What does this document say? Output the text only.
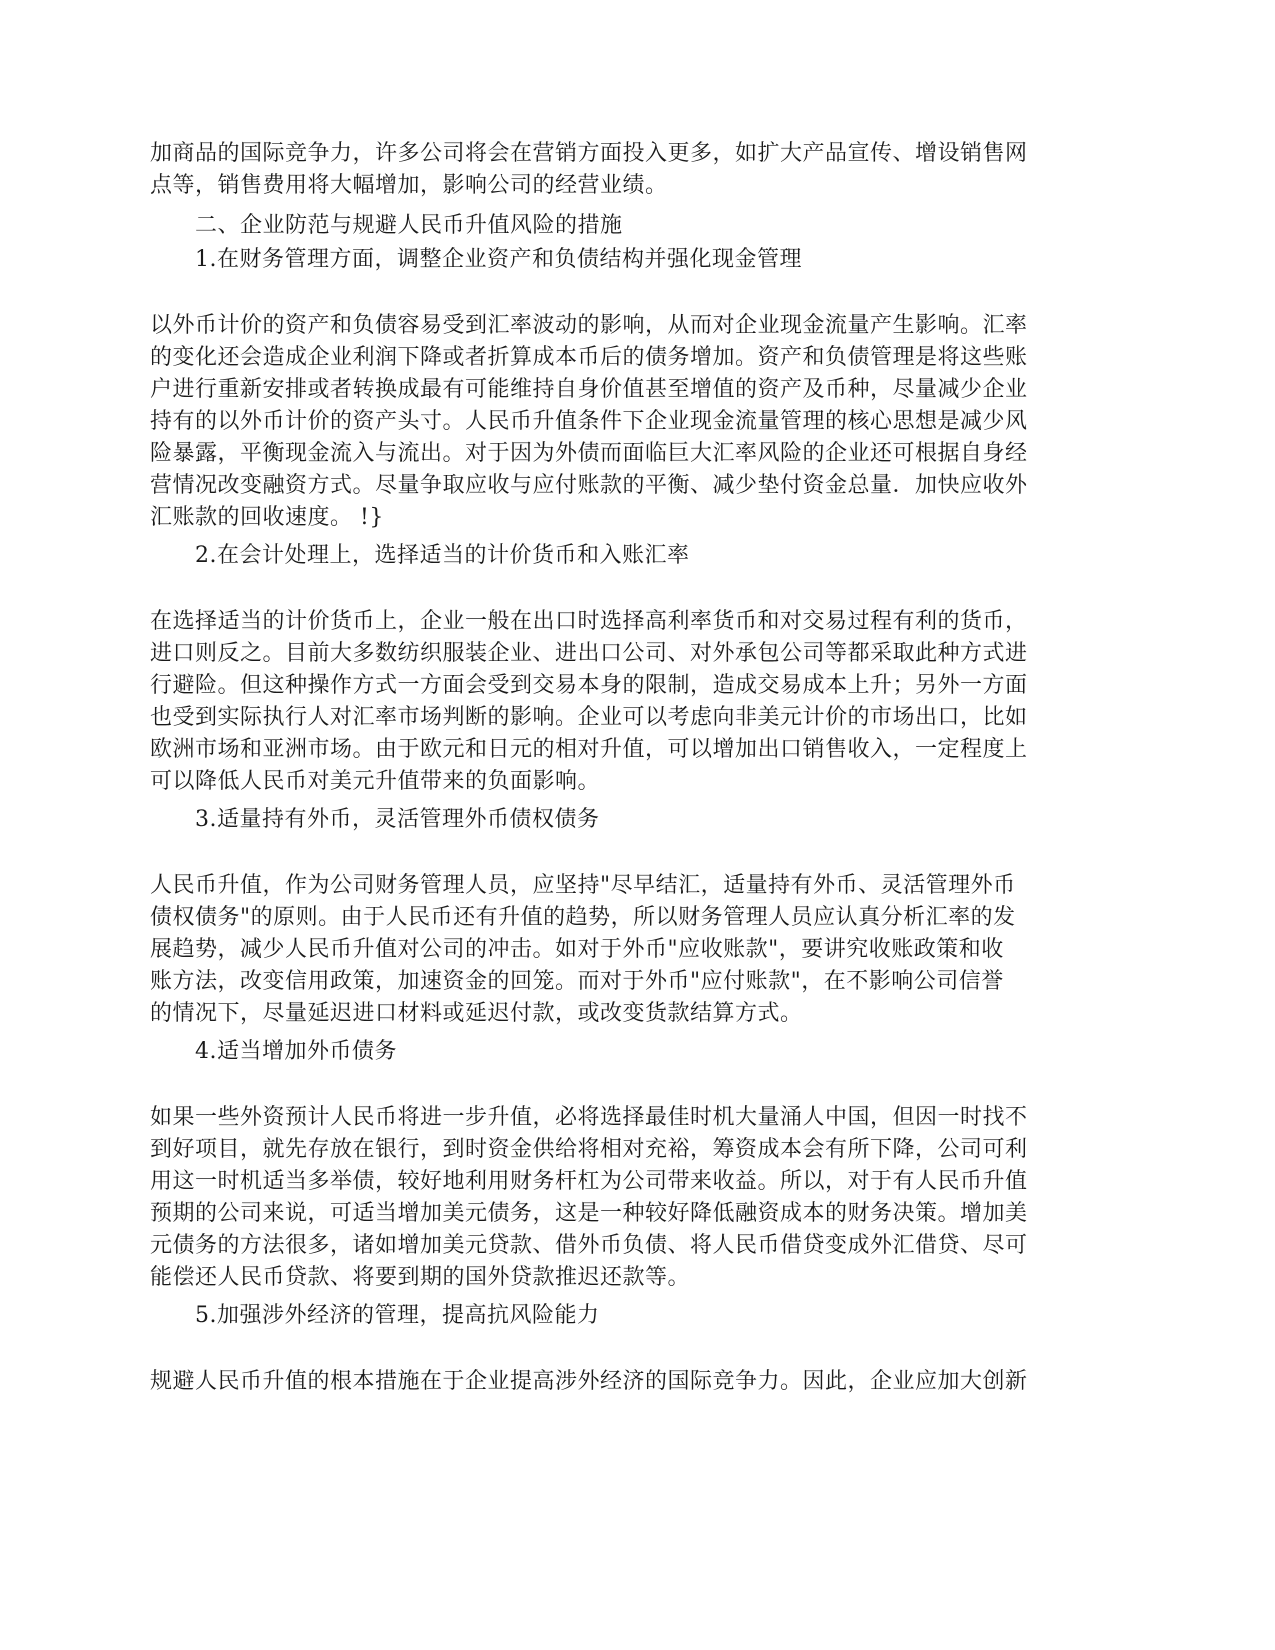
加商品的国际竞争力，许多公司将会在营销方面投入更多，如扩大产品宣传、增设销售网
点等，销售费用将大幅增加，影响公司的经营业绩。
二、企业防范与规避人民币升值风险的措施
1.在财务管理方面，调整企业资产和负债结构并强化现金管理
以外币计价的资产和负债容易受到汇率波动的影响，从而对企业现金流量产生影响。汇率
的变化还会造成企业利润下降或者折算成本币后的债务增加。资产和负债管理是将这些账
户进行重新安排或者转换成最有可能维持自身价值甚至增值的资产及币种，尽量减少企业
持有的以外币计价的资产头寸。人民币升值条件下企业现金流量管理的核心思想是减少风
险暴露，平衡现金流入与流出。对于因为外债而面临巨大汇率风险的企业还可根据自身经
营情况改变融资方式。尽量争取应收与应付账款的平衡、减少垫付资金总量．加快应收外
汇账款的回收速度。 !}
2.在会计处理上，选择适当的计价货币和入账汇率
在选择适当的计价货币上，企业一般在出口时选择高利率货币和对交易过程有利的货币，
进口则反之。目前大多数纺织服装企业、进出口公司、对外承包公司等都采取此种方式进
行避险。但这种操作方式一方面会受到交易本身的限制，造成交易成本上升；另外一方面
也受到实际执行人对汇率市场判断的影响。企业可以考虑向非美元计价的市场出口，比如
欧洲市场和亚洲市场。由于欧元和日元的相对升值，可以增加出口销售收入，一定程度上
可以降低人民币对美元升值带来的负面影响。
3.适量持有外币，灵活管理外币债权债务
人民币升值，作为公司财务管理人员，应坚持"尽早结汇，适量持有外币、灵活管理外币
债权债务"的原则。由于人民币还有升值的趋势，所以财务管理人员应认真分析汇率的发
展趋势，减少人民币升值对公司的冲击。如对于外币"应收账款"，要讲究收账政策和收
账方法，改变信用政策，加速资金的回笼。而对于外币"应付账款"，在不影响公司信誉
的情况下，尽量延迟进口材料或延迟付款，或改变货款结算方式。
4.适当增加外币债务
如果一些外资预计人民币将进一步升值，必将选择最佳时机大量涌人中国，但因一时找不
到好项目，就先存放在银行，到时资金供给将相对充裕，筹资成本会有所下降，公司可利
用这一时机适当多举债，较好地利用财务杆杠为公司带来收益。所以，对于有人民币升值
预期的公司来说，可适当增加美元债务，这是一种较好降低融资成本的财务决策。增加美
元债务的方法很多，诸如增加美元贷款、借外币负债、将人民币借贷变成外汇借贷、尽可
能偿还人民币贷款、将要到期的国外贷款推迟还款等。
5.加强涉外经济的管理，提高抗风险能力
规避人民币升值的根本措施在于企业提高涉外经济的国际竞争力。因此，企业应加大创新
